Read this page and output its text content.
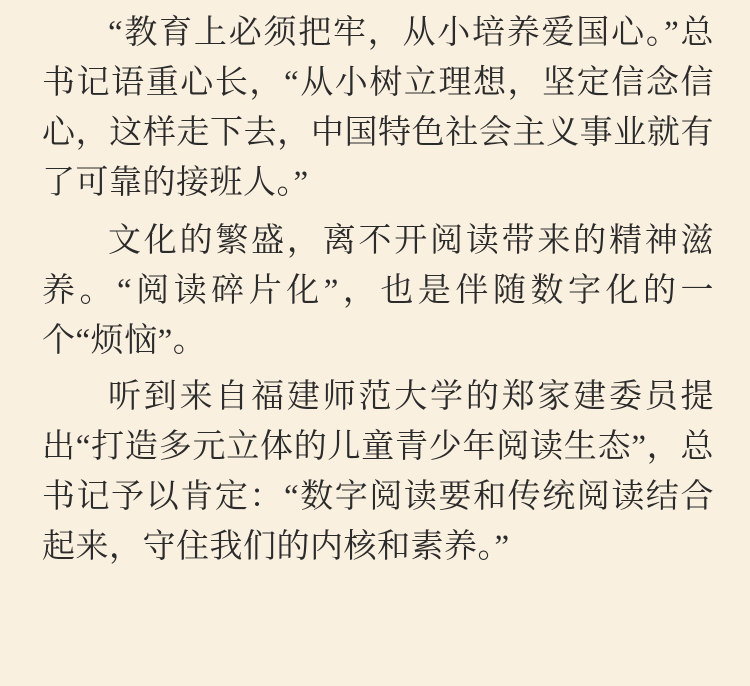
“教育上必须把牢，从小培养爱国心。”总书记语重心长，“从小树立理想，坚定信念信心，这样走下去，中国特色社会主义事业就有了可靠的接班人。”

文化的繁盛，离不开阅读带来的精神滋养。“阅读碎片化”，也是伴随数字化的一个“烦恼”。

听到来自福建师范大学的郑家建委员提出“打造多元立体的儿童青少年阅读生态”，总书记予以肯定：“数字阅读要和传统阅读结合起来，守住我们的内核和素养。”
